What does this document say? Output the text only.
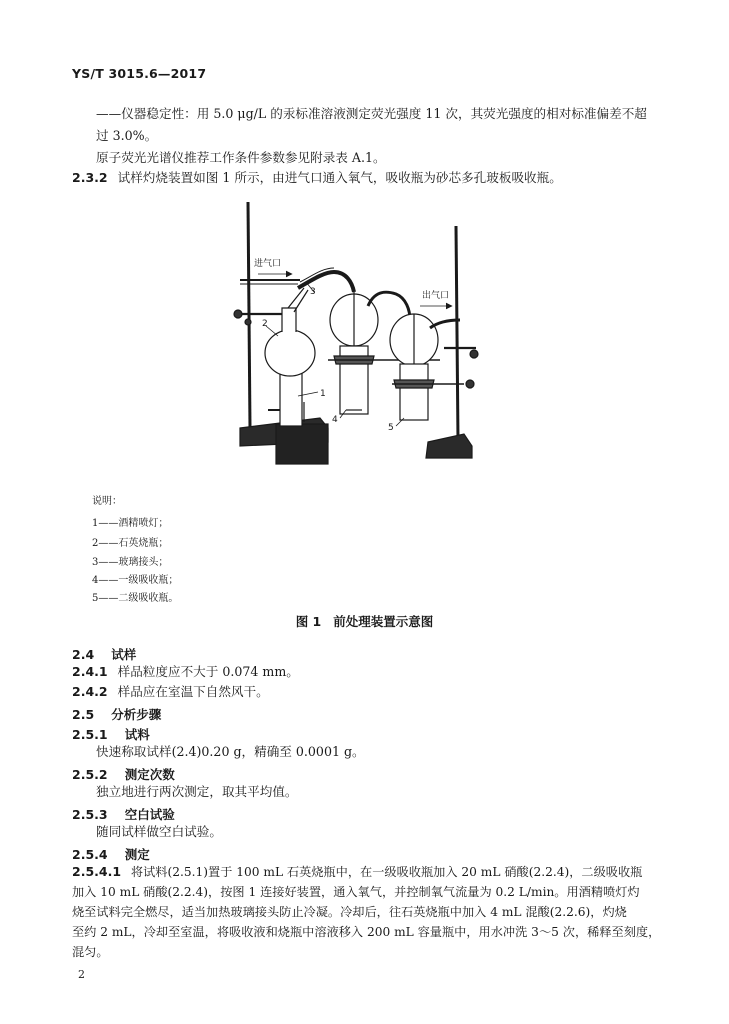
YS/T 3015.6—2017
——仪器稳定性：用 5.0 μg/L 的汞标准溶液测定荧光强度 11 次，其荧光强度的相对标准偏差不超
过 3.0%。
原子荧光光谱仪推荐工作条件参数参见附录表 A.1。
2.3.2 试样灼烧装置如图 1 所示，由进气口通入氧气，吸收瓶为砂芯多孔玻板吸收瓶。
进气口
出气口
1
2
3
4
5
说明：
1——酒精喷灯；
2——石英烧瓶；
3——玻璃接头；
4——一级吸收瓶；
5——二级吸收瓶。
图 1 前处理装置示意图
2.4 试样
2.4.1 样品粒度应不大于 0.074 mm。
2.4.2 样品应在室温下自然风干。
2.5 分析步骤
2.5.1 试料
快速称取试样(2.4)0.20 g，精确至 0.0001 g。
2.5.2 测定次数
独立地进行两次测定，取其平均值。
2.5.3 空白试验
随同试样做空白试验。
2.5.4 测定
2.5.4.1 将试料(2.5.1)置于 100 mL 石英烧瓶中，在一级吸收瓶加入 20 mL 硝酸(2.2.4)，二级吸收瓶
加入 10 mL 硝酸(2.2.4)，按图 1 连接好装置，通入氧气，并控制氧气流量为 0.2 L/min。用酒精喷灯灼
烧至试料完全燃尽，适当加热玻璃接头防止冷凝。冷却后，往石英烧瓶中加入 4 mL 混酸(2.2.6)，灼烧
至约 2 mL，冷却至室温，将吸收液和烧瓶中溶液移入 200 mL 容量瓶中，用水冲洗 3～5 次，稀释至刻度，
混匀。
2
